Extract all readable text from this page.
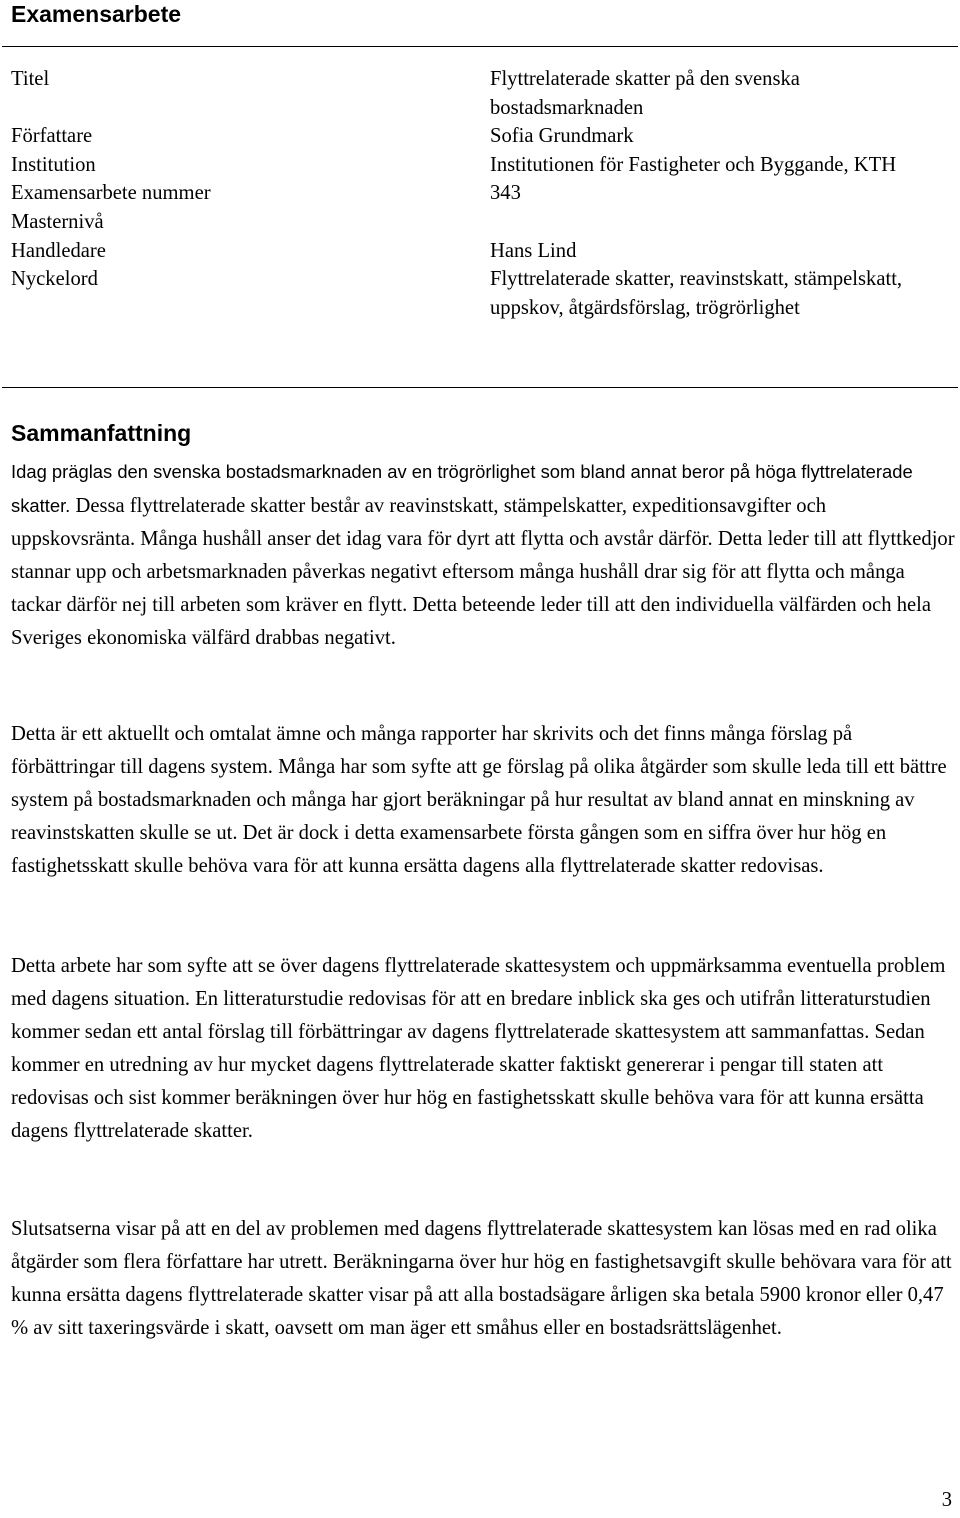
Examensarbete
Titel	Flyttrelaterade skatter på den svenska bostadsmarknaden
Författare	Sofia Grundmark
Institution	Institutionen för Fastigheter och Byggande, KTH
Examensarbete nummer	343
Masternivå
Handledare	Hans Lind
Nyckelord	Flyttrelaterade skatter, reavinstskatt, stämpelskatt, uppskov, åtgärdsförslag, trögrörlighet
Sammanfattning

Idag präglas den svenska bostadsmarknaden av en trögrörlighet som bland annat beror på höga flyttrelaterade skatter. Dessa flyttrelaterade skatter består av reavinstskatt, stämpelskatter, expeditionsavgifter och uppskovsränta. Många hushåll anser det idag vara för dyrt att flytta och avstår därför. Detta leder till att flyttkedjor stannar upp och arbetsmarknaden påverkas negativt eftersom många hushåll drar sig för att flytta och många tackar därför nej till arbeten som kräver en flytt. Detta beteende leder till att den individuella välfärden och hela Sveriges ekonomiska välfärd drabbas negativt.

Detta är ett aktuellt och omtalat ämne och många rapporter har skrivits och det finns många förslag på förbättringar till dagens system. Många har som syfte att ge förslag på olika åtgärder som skulle leda till ett bättre system på bostadsmarknaden och många har gjort beräkningar på hur resultat av bland annat en minskning av reavinstskatten skulle se ut. Det är dock i detta examensarbete första gången som en siffra över hur hög en fastighetsskatt skulle behöva vara för att kunna ersätta dagens alla flyttrelaterade skatter redovisas.

Detta arbete har som syfte att se över dagens flyttrelaterade skattesystem och uppmärksamma eventuella problem med dagens situation. En litteraturstudie redovisas för att en bredare inblick ska ges och utifrån litteraturstudien kommer sedan ett antal förslag till förbättringar av dagens flyttrelaterade skattesystem att sammanfattas. Sedan kommer en utredning av hur mycket dagens flyttrelaterade skatter faktiskt genererar i pengar till staten att redovisas och sist kommer beräkningen över hur hög en fastighetsskatt skulle behöva vara för att kunna ersätta dagens flyttrelaterade skatter.

Slutsatserna visar på att en del av problemen med dagens flyttrelaterade skattesystem kan lösas med en rad olika åtgärder som flera författare har utrett. Beräkningarna över hur hög en fastighetsavgift skulle behövara vara för att kunna ersätta dagens flyttrelaterade skatter visar på att alla bostadsägare årligen ska betala 5900 kronor eller 0,47 % av sitt taxeringsvärde i skatt, oavsett om man äger ett småhus eller en bostadsrättslägenhet.

3
